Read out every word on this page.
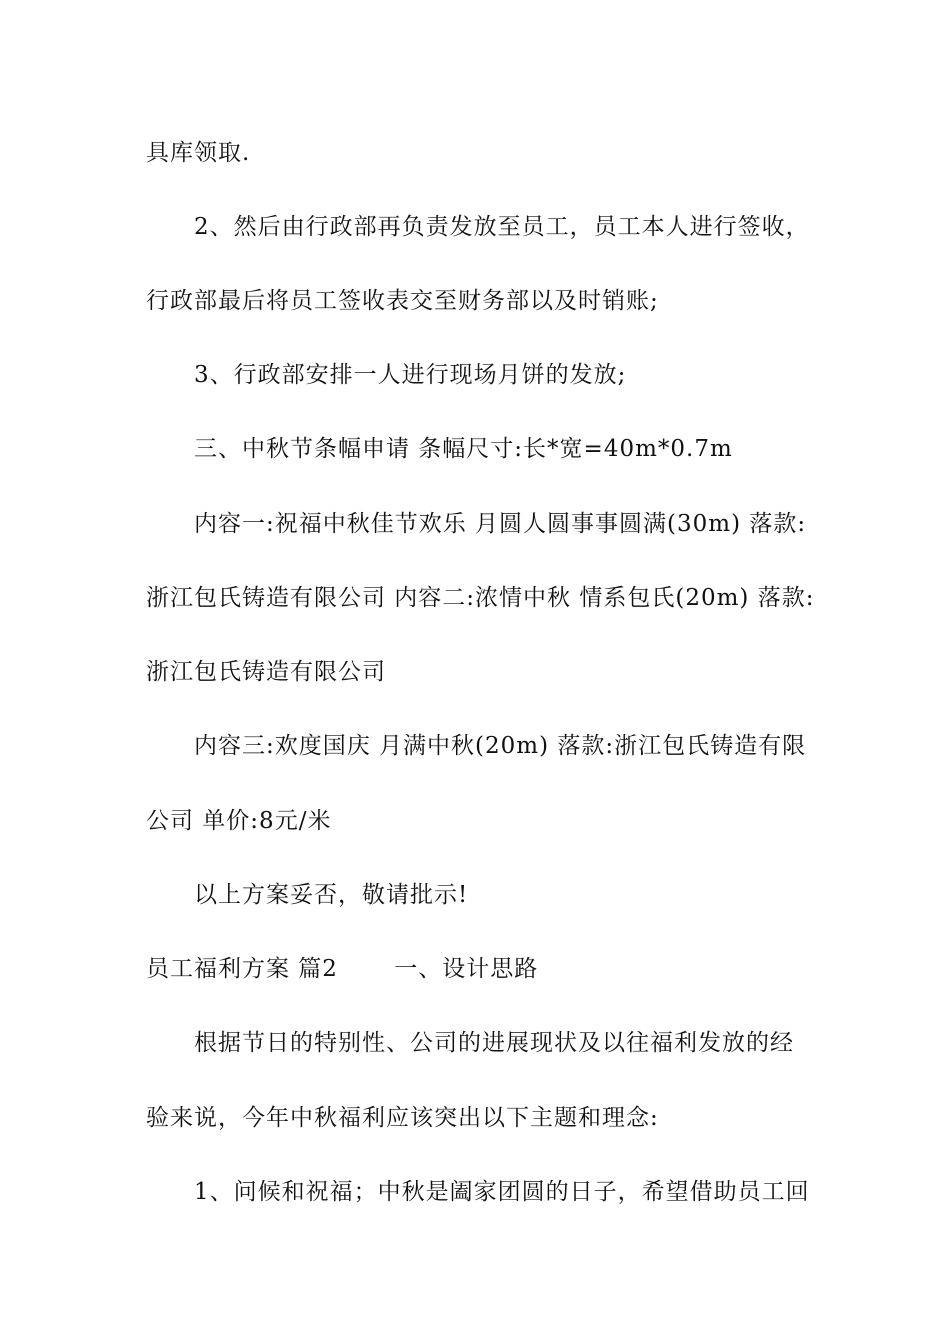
具库领取.
2、然后由行政部再负责发放至员工，员工本人进行签收，
行政部最后将员工签收表交至财务部以及时销账;
3、行政部安排一人进行现场月饼的发放;
三、中秋节条幅申请 条幅尺寸:长*宽=40m*0.7m
内容一:祝福中秋佳节欢乐 月圆人圆事事圆满(30m) 落款:
浙江包氏铸造有限公司 内容二:浓情中秋 情系包氏(20m) 落款:
浙江包氏铸造有限公司
内容三:欢度国庆 月满中秋(20m) 落款:浙江包氏铸造有限
公司 单价:8元/米
以上方案妥否，敬请批示!
员工福利方案 篇2　　 一、设计思路
根据节日的特别性、公司的进展现状及以往福利发放的经
验来说，今年中秋福利应该突出以下主题和理念:
1、问候和祝福；中秋是阖家团圆的日子，希望借助员工回
